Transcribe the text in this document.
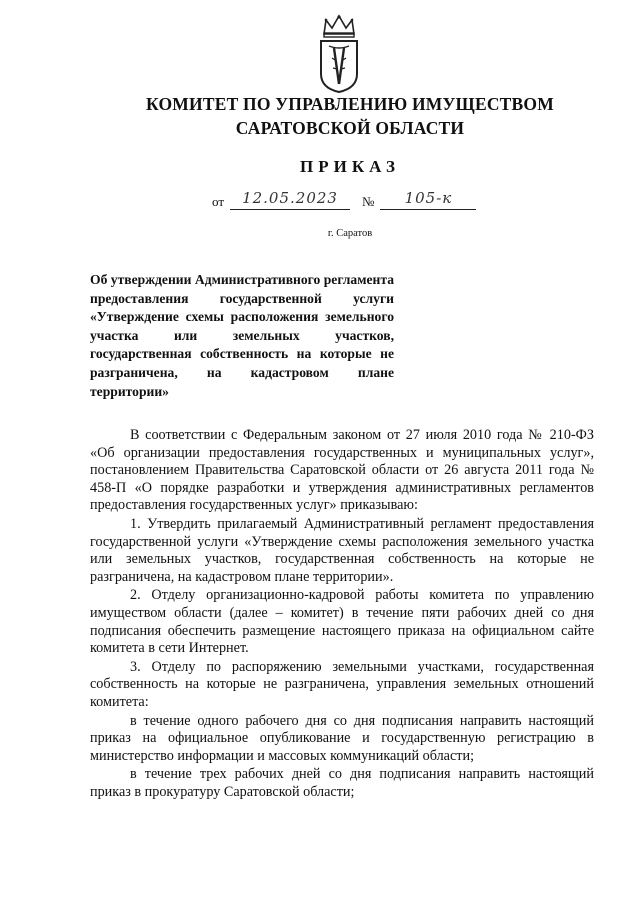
КОМИТЕТ ПО УПРАВЛЕНИЮ ИМУЩЕСТВОМ
САРАТОВСКОЙ ОБЛАСТИ
ПРИКАЗ
от	12.05.2023	№	105-к
г. Саратов
Об утверждении Административного регламента предоставления государственной услуги «Утверждение схемы расположения земельного участка или земельных участков, государственная собственность на которые не разграничена, на кадастровом плане
территории»

В соответствии с Федеральным законом от 27 июля 2010 года № 210-ФЗ «Об организации предоставления государственных и муниципальных услуг», постановлением Правительства Саратовской области от 26 августа 2011 года № 458-П «О порядке разработки и утверждения административных регламентов предоставления государственных услуг» приказываю:

1. Утвердить прилагаемый Административный регламент предоставления государственной услуги «Утверждение схемы расположения земельного участка или земельных участков, государственная собственность на которые не разграничена, на кадастровом плане территории».

2. Отделу организационно-кадровой работы комитета по управлению имуществом области (далее – комитет) в течение пяти рабочих дней со дня подписания обеспечить размещение настоящего приказа на официальном сайте комитета в сети Интернет.

3. Отделу по распоряжению земельными участками, государственная собственность на которые не разграничена, управления земельных отношений комитета:

в течение одного рабочего дня со дня подписания направить настоящий приказ на официальное опубликование и государственную регистрацию в министерство информации и массовых коммуникаций области;

в течение трех рабочих дней со дня подписания направить настоящий приказ в прокуратуру Саратовской области;
